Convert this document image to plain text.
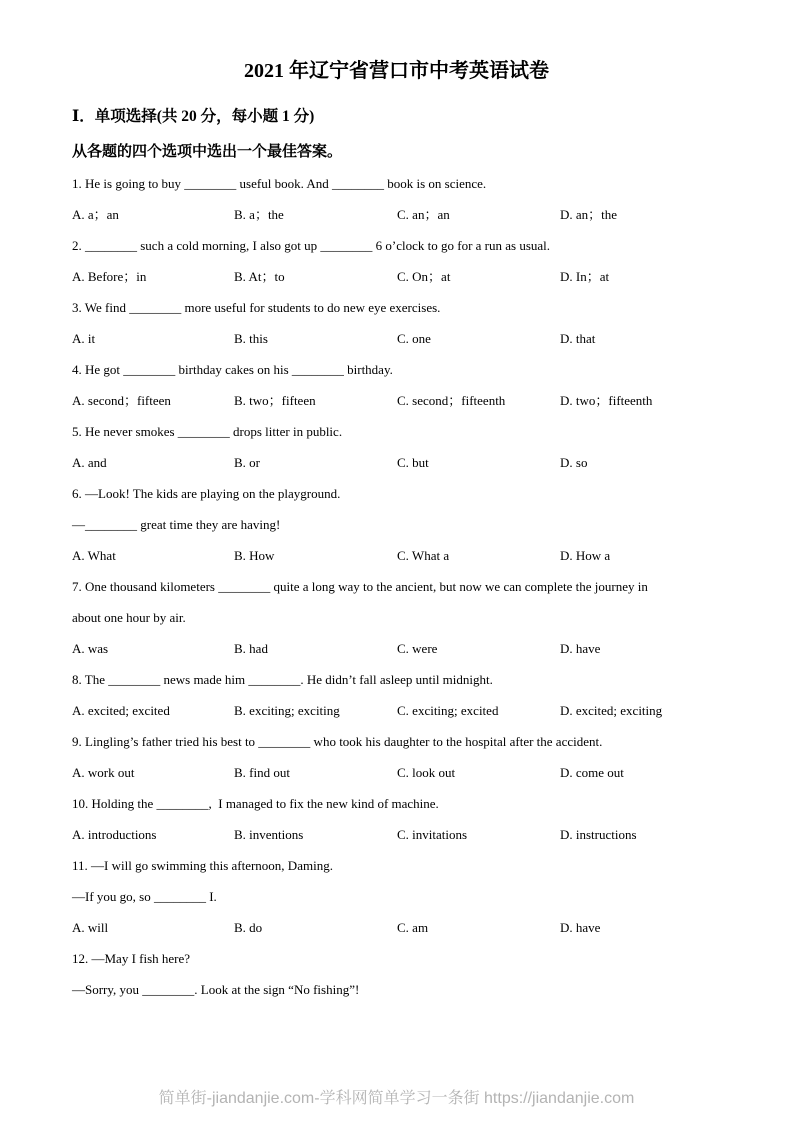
2021 年辽宁省营口市中考英语试卷
Ⅰ．单项选择(共 20 分，每小题 1 分)
从各题的四个选项中选出一个最佳答案。
1. He is going to buy ________ useful book. And ________ book is on science.
A. a；an	B. a；the	C. an；an	D. an；the
2. ________ such a cold morning, I also got up ________ 6 o’clock to go for a run as usual.
A. Before；in	B. At；to	C. On；at	D. In；at
3. We find ________ more useful for students to do new eye exercises.
A. it	B. this	C. one	D. that
4. He got ________ birthday cakes on his ________ birthday.
A. second；fifteen	B. two；fifteen	C. second；fifteenth	D. two；fifteenth
5. He never smokes ________ drops litter in public.
A. and	B. or	C. but	D. so
6. —Look! The kids are playing on the playground.
—________ great time they are having!
A. What	B. How	C. What a	D. How a
7. One thousand kilometers ________ quite a long way to the ancient, but now we can complete the journey in
about one hour by air.
A. was	B. had	C. were	D. have
8. The ________ news made him ________. He didn’t fall asleep until midnight.
A. excited; excited	B. exciting; exciting	C. exciting; excited	D. excited; exciting
9. Lingling’s father tried his best to ________ who took his daughter to the hospital after the accident.
A. work out	B. find out	C. look out	D. come out
10. Holding the ________,  I managed to fix the new kind of machine.
A. introductions	B. inventions	C. invitations	D. instructions
11. —I will go swimming this afternoon, Daming.
—If you go, so ________ I.
A. will	B. do	C. am	D. have
12. —May I fish here?
—Sorry, you ________. Look at the sign “No fishing”!
简单街-jiandanjie.com-学科网简单学习一条街 https://jiandanjie.com
